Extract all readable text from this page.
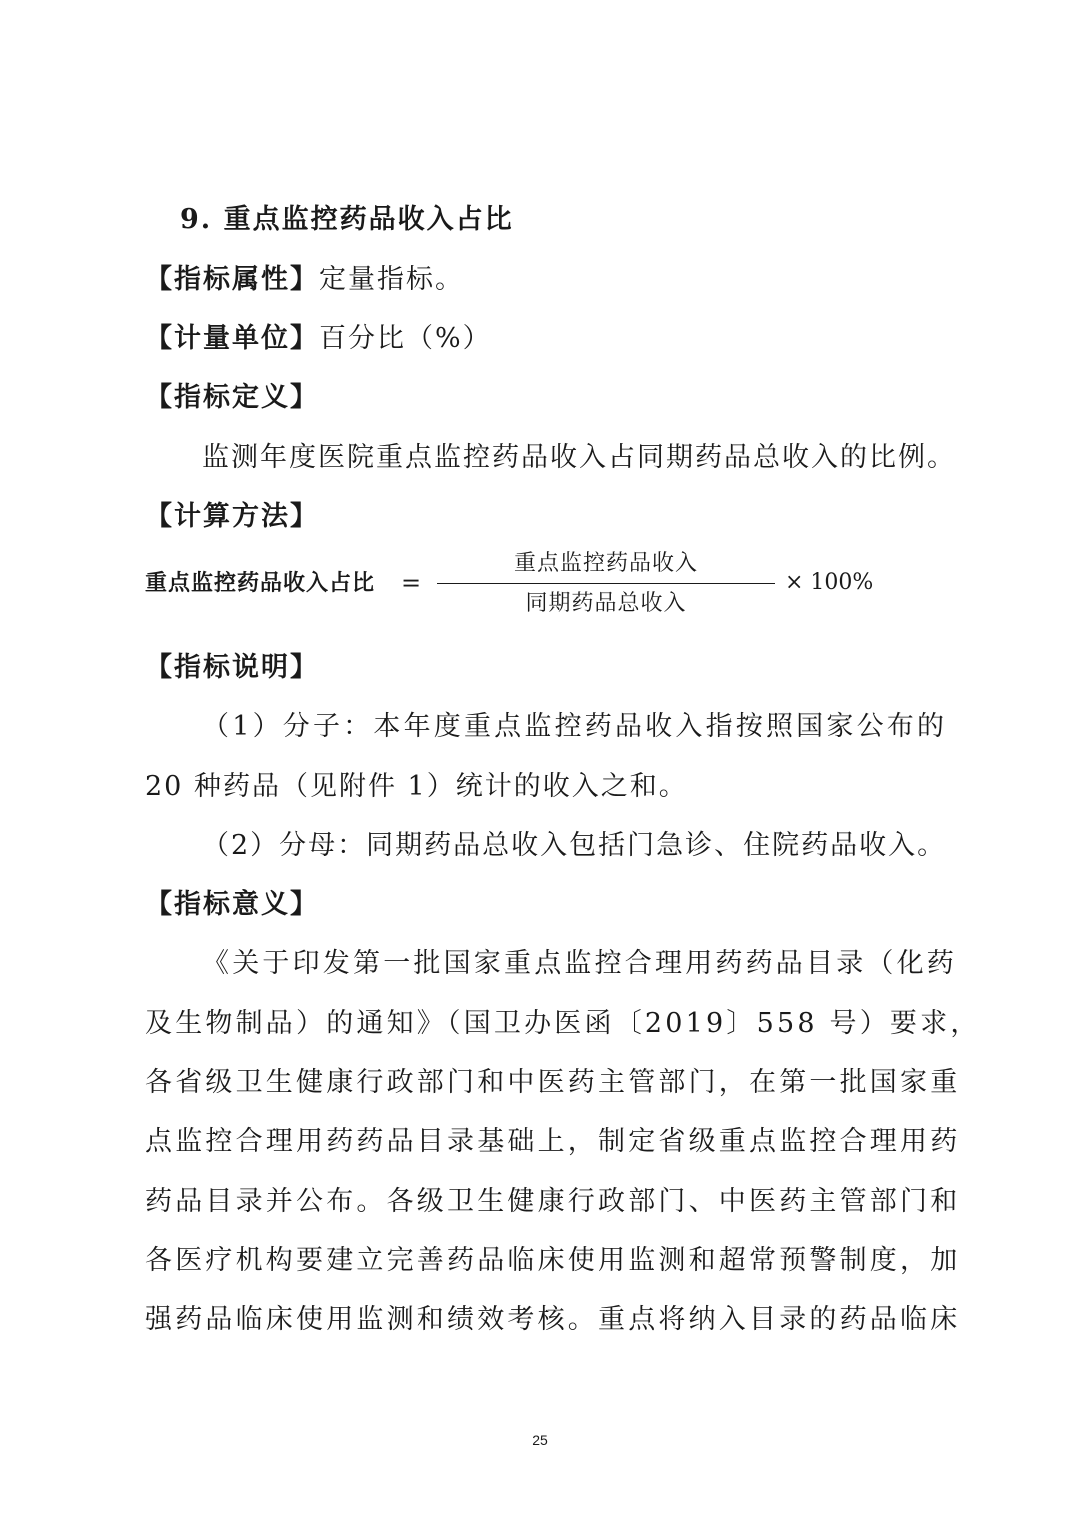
9. 重点监控药品收入占比
【指标属性】定量指标。
【计量单位】百分比（%）
【指标定义】
监测年度医院重点监控药品收入占同期药品总收入的比例。
【计算方法】
重点监控药品收入占比 =
重点监控药品收入
同期药品总收入
× 100%
【指标说明】
（1）分子：本年度重点监控药品收入指按照国家公布的
20 种药品（见附件 1）统计的收入之和。
（2）分母：同期药品总收入包括门急诊、住院药品收入。
【指标意义】
《关于印发第一批国家重点监控合理用药药品目录（化药
及生物制品）的通知》（国卫办医函〔2019〕558 号）要求，
各省级卫生健康行政部门和中医药主管部门，在第一批国家重
点监控合理用药药品目录基础上，制定省级重点监控合理用药
药品目录并公布。各级卫生健康行政部门、中医药主管部门和
各医疗机构要建立完善药品临床使用监测和超常预警制度，加
强药品临床使用监测和绩效考核。重点将纳入目录的药品临床
25
